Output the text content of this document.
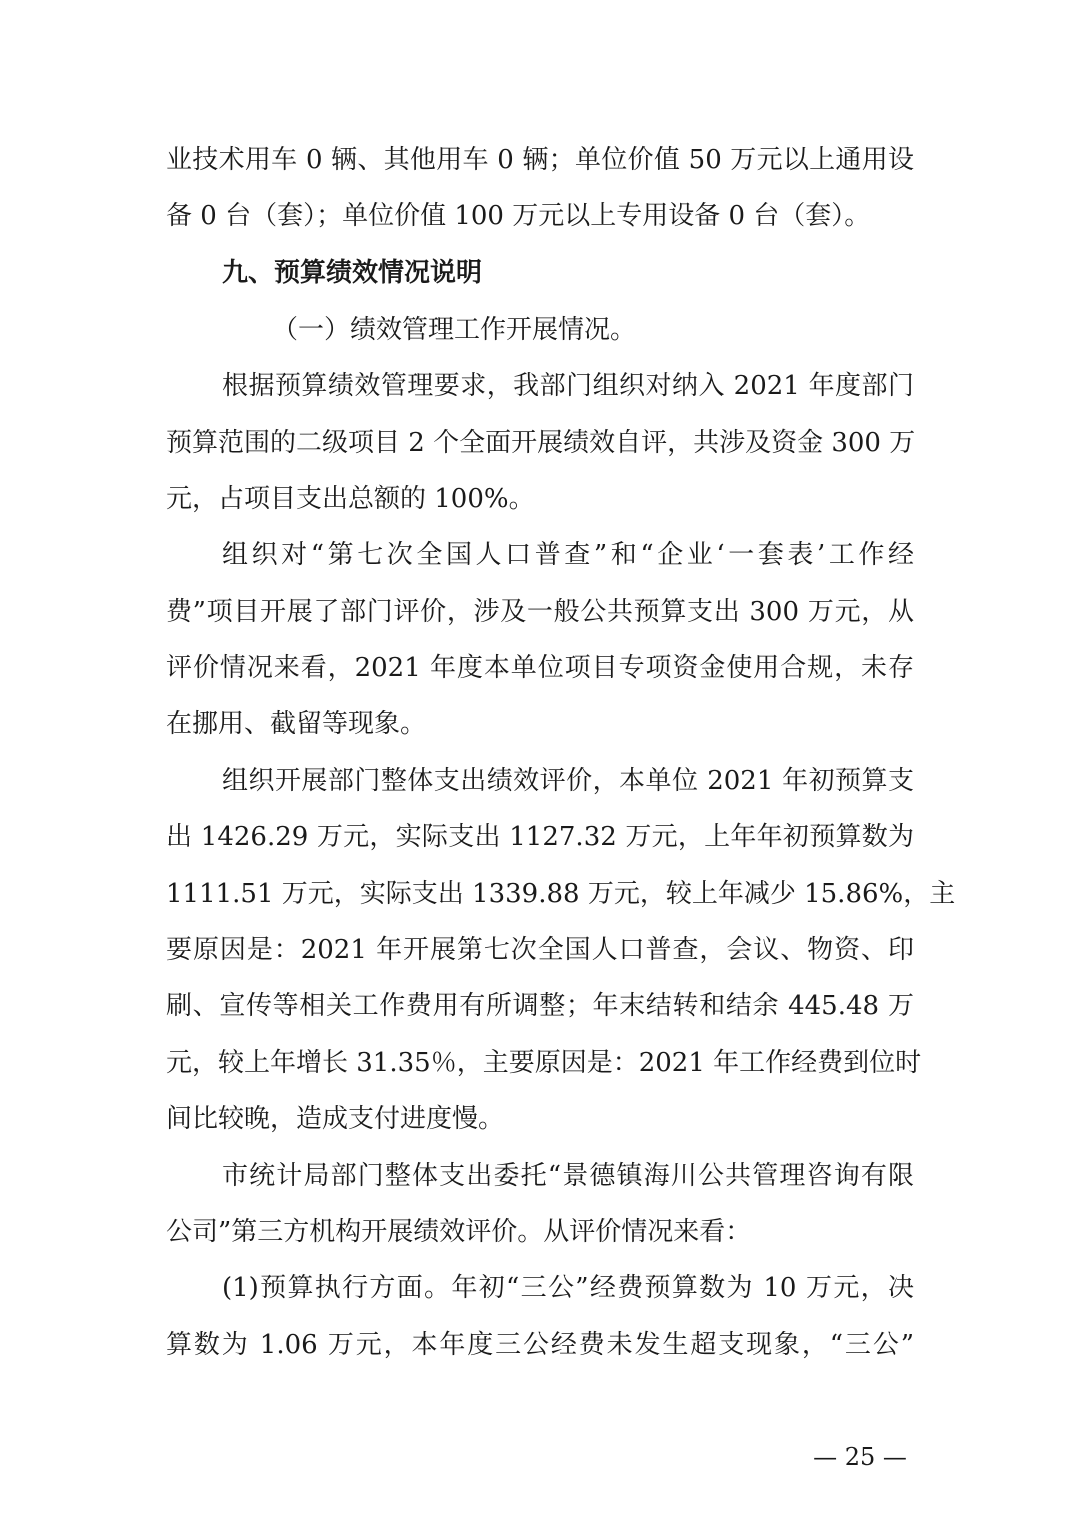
业技术用车 0 辆、其他用车 0 辆；单位价值 50 万元以上通用设
备 0 台（套）；单位价值 100 万元以上专用设备 0 台（套）。
九、预算绩效情况说明
（一）绩效管理工作开展情况。
根据预算绩效管理要求，我部门组织对纳入 2021 年度部门
预算范围的二级项目 2 个全面开展绩效自评，共涉及资金 300 万
元，占项目支出总额的 100%。
组织对“第七次全国人口普查”和“企业‘一套表’工作经
费”项目开展了部门评价，涉及一般公共预算支出 300 万元，从
评价情况来看，2021 年度本单位项目专项资金使用合规，未存
在挪用、截留等现象。
组织开展部门整体支出绩效评价，本单位 2021 年初预算支
出 1426.29 万元，实际支出 1127.32 万元，上年年初预算数为
1111.51 万元，实际支出 1339.88 万元，较上年减少 15.86%，主
要原因是：2021 年开展第七次全国人口普查，会议、物资、印
刷、宣传等相关工作费用有所调整；年末结转和结余 445.48 万
元，较上年增长 31.35％，主要原因是：2021 年工作经费到位时
间比较晚，造成支付进度慢。
市统计局部门整体支出委托“景德镇海川公共管理咨询有限
公司”第三方机构开展绩效评价。从评价情况来看：
(1)预算执行方面。年初“三公”经费预算数为 10 万元，决
算数为 1.06 万元，本年度三公经费未发生超支现象，“三公”
— 25 —
